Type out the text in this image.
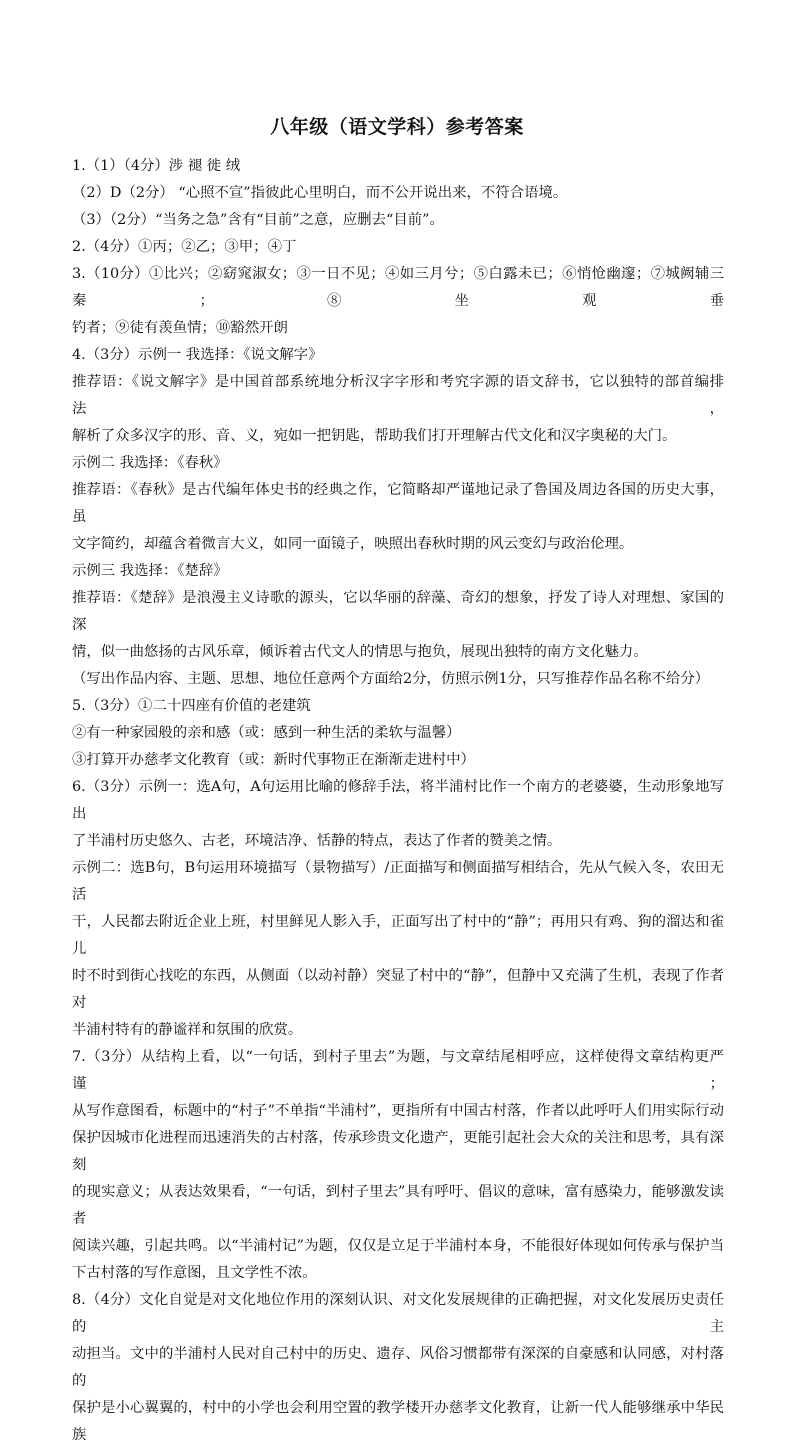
八年级（语文学科）参考答案
1.（1）（4分）涉 褪 徙 绒
（2）D（2分） “心照不宣”指彼此心里明白，而不公开说出来，不符合语境。
（3）（2分）“当务之急”含有“目前”之意，应删去“目前”。
2.（4分）①丙；②乙；③甲；④丁
3.（10分）①比兴；②窈窕淑女；③一日不见；④如三月兮；⑤白露未已；⑥悄怆幽邃；⑦城阙辅三秦；⑧坐观垂
钓者；⑨徒有羡鱼情；⑩豁然开朗
4.（3分）示例一 我选择：《说文解字》
推荐语：《说文解字》是中国首部系统地分析汉字字形和考究字源的语文辞书，它以独特的部首编排法，
解析了众多汉字的形、音、义，宛如一把钥匙，帮助我们打开理解古代文化和汉字奥秘的大门。
示例二 我选择：《春秋》
推荐语：《春秋》是古代编年体史书的经典之作，它简略却严谨地记录了鲁国及周边各国的历史大事，虽
文字简约，却蕴含着微言大义，如同一面镜子，映照出春秋时期的风云变幻与政治伦理。
示例三 我选择：《楚辞》
推荐语：《楚辞》是浪漫主义诗歌的源头，它以华丽的辞藻、奇幻的想象，抒发了诗人对理想、家国的深
情，似一曲悠扬的古风乐章，倾诉着古代文人的情思与抱负，展现出独特的南方文化魅力。
（写出作品内容、主题、思想、地位任意两个方面给2分，仿照示例1分，只写推荐作品名称不给分）
5.（3分）①二十四座有价值的老建筑
②有一种家园般的亲和感（或：感到一种生活的柔软与温馨）
③打算开办慈孝文化教育（或：新时代事物正在渐渐走进村中）
6.（3分）示例一：选A句，A句运用比喻的修辞手法，将半浦村比作一个南方的老婆婆，生动形象地写出
了半浦村历史悠久、古老，环境洁净、恬静的特点，表达了作者的赞美之情。
示例二：选B句，B句运用环境描写（景物描写）/正面描写和侧面描写相结合，先从气候入冬，农田无活
干，人民都去附近企业上班，村里鲜见人影入手，正面写出了村中的“静”；再用只有鸡、狗的溜达和雀儿
时不时到街心找吃的东西，从侧面（以动衬静）突显了村中的“静”，但静中又充满了生机，表现了作者对
半浦村特有的静谧祥和氛围的欣赏。
7.（3分）从结构上看，以“一句话，到村子里去”为题，与文章结尾相呼应，这样使得文章结构更严谨；
从写作意图看，标题中的“村子”不单指“半浦村”，更指所有中国古村落，作者以此呼吁人们用实际行动
保护因城市化进程而迅速消失的古村落，传承珍贵文化遗产，更能引起社会大众的关注和思考，具有深刻
的现实意义；从表达效果看，“一句话，到村子里去”具有呼吁、倡议的意味，富有感染力，能够激发读者
阅读兴趣，引起共鸣。以“半浦村记”为题，仅仅是立足于半浦村本身，不能很好体现如何传承与保护当
下古村落的写作意图，且文学性不浓。
8.（4分）文化自觉是对文化地位作用的深刻认识、对文化发展规律的正确把握，对文化发展历史责任的主
动担当。文中的半浦村人民对自己村中的历史、遗存、风俗习惯都带有深深的自豪感和认同感，对村落的
保护是小心翼翼的，村中的小学也会利用空置的教学楼开办慈孝文化教育，让新一代人能够继承中华民族
